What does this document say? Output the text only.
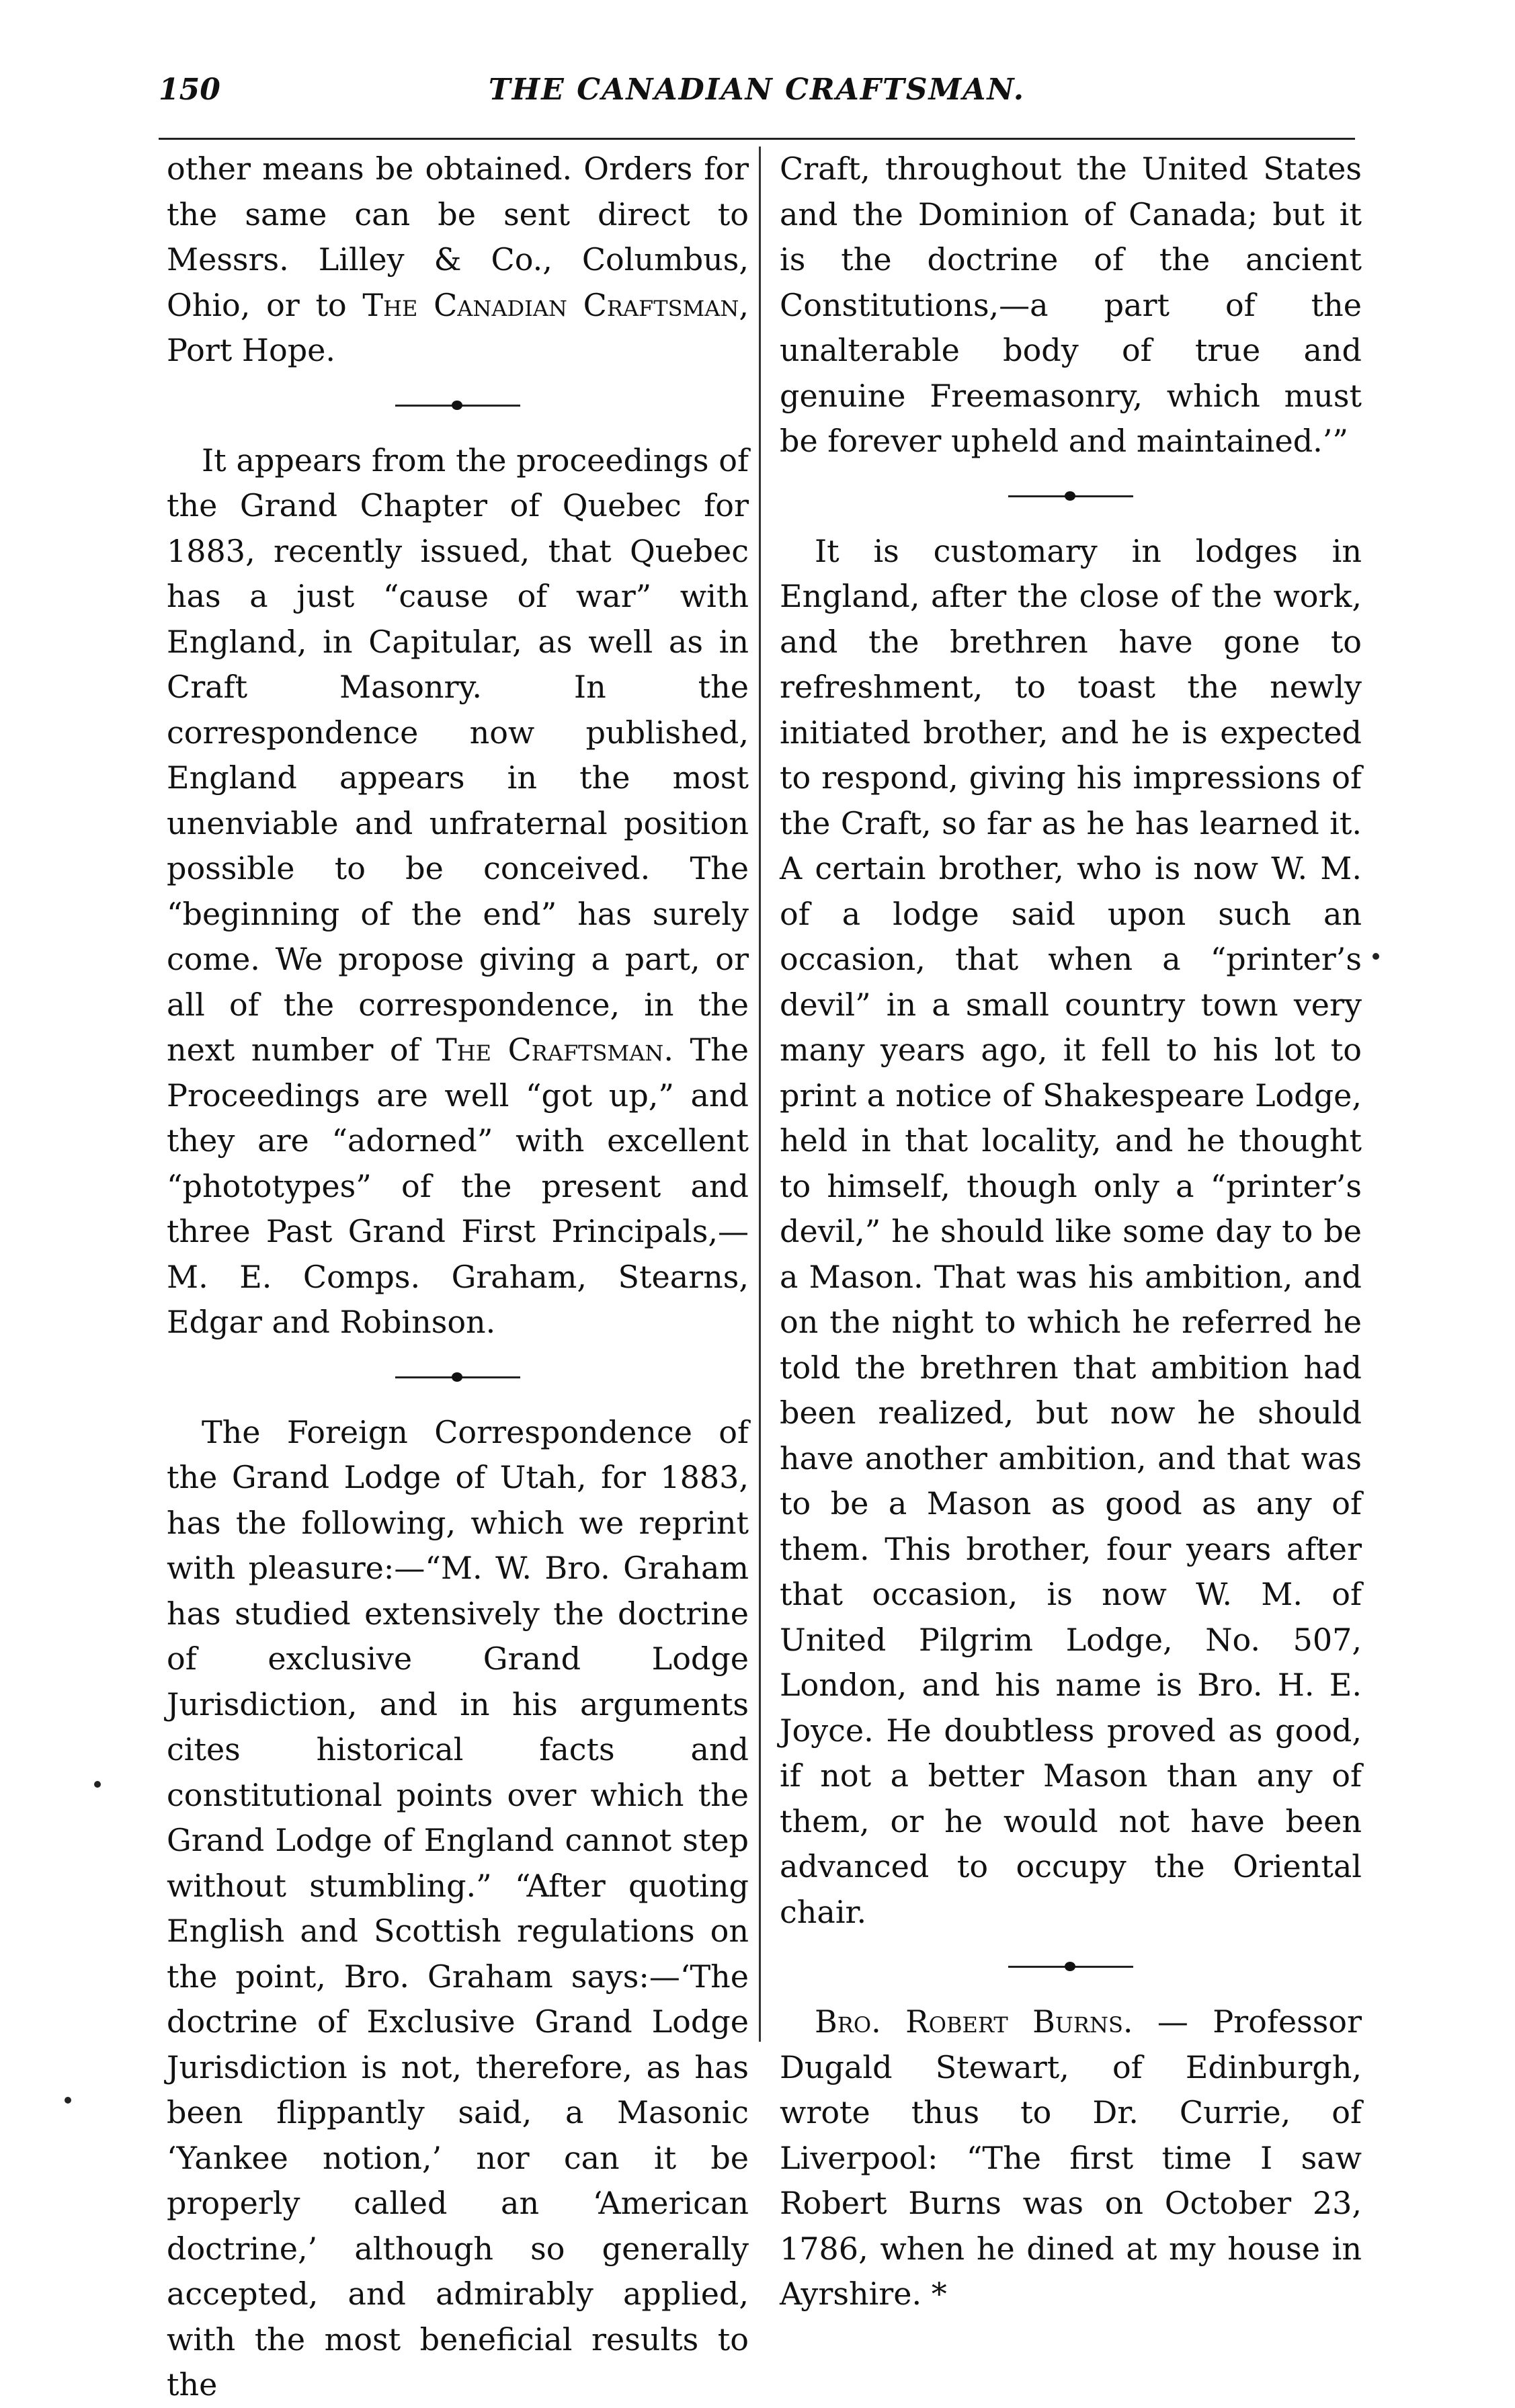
150	THE CANADIAN CRAFTSMAN.

other means be obtained. Orders for the same can be sent direct to Messrs. Lilley & Co., Columbus, Ohio, or to The Canadian Craftsman, Port Hope.

It appears from the proceedings of the Grand Chapter of Quebec for 1883, recently issued, that Quebec has a just “cause of war” with England, in Capitular, as well as in Craft Masonry. In the correspondence now published, England appears in the most unenviable and unfraternal position possible to be conceived. The “beginning of the end” has surely come. We propose giving a part, or all of the correspondence, in the next number of The Craftsman. The Proceedings are well “got up,” and they are “adorned” with excellent “phototypes” of the present and three Past Grand First Principals,— M. E. Comps. Graham, Stearns, Edgar and Robinson.

The Foreign Correspondence of the Grand Lodge of Utah, for 1883, has the following, which we reprint with pleasure:—“M. W. Bro. Graham has studied extensively the doctrine of exclusive Grand Lodge Jurisdiction, and in his arguments cites historical facts and constitutional points over which the Grand Lodge of England cannot step without stumbling.” “After quoting English and Scottish regulations on the point, Bro. Graham says:—‘The doctrine of Exclusive Grand Lodge Jurisdiction is not, therefore, as has been flippantly said, a Masonic ‘Yankee notion,’ nor can it be properly called an ‘American doctrine,’ although so generally accepted, and admirably applied, with the most beneficial results to the

Craft, throughout the United States and the Dominion of Canada; but it is the doctrine of the ancient Constitutions,—a part of the unalterable body of true and genuine Freemasonry, which must be forever upheld and maintained.’”

It is customary in lodges in England, after the close of the work, and the brethren have gone to refreshment, to toast the newly initiated brother, and he is expected to respond, giving his impressions of the Craft, so far as he has learned it. A certain brother, who is now W. M. of a lodge said upon such an occasion, that when a “printer’s devil” in a small country town very many years ago, it fell to his lot to print a notice of Shakespeare Lodge, held in that locality, and he thought to himself, though only a “printer’s devil,” he should like some day to be a Mason. That was his ambition, and on the night to which he referred he told the brethren that ambition had been realized, but now he should have another ambition, and that was to be a Mason as good as any of them. This brother, four years after that occasion, is now W. M. of United Pilgrim Lodge, No. 507, London, and his name is Bro. H. E. Joyce. He doubtless proved as good, if not a better Mason than any of them, or he would not have been advanced to occupy the Oriental chair.

Bro. Robert Burns. — Professor Dugald Stewart, of Edinburgh, wrote thus to Dr. Currie, of Liverpool: “The first time I saw Robert Burns was on October 23, 1786, when he dined at my house in Ayrshire. *
